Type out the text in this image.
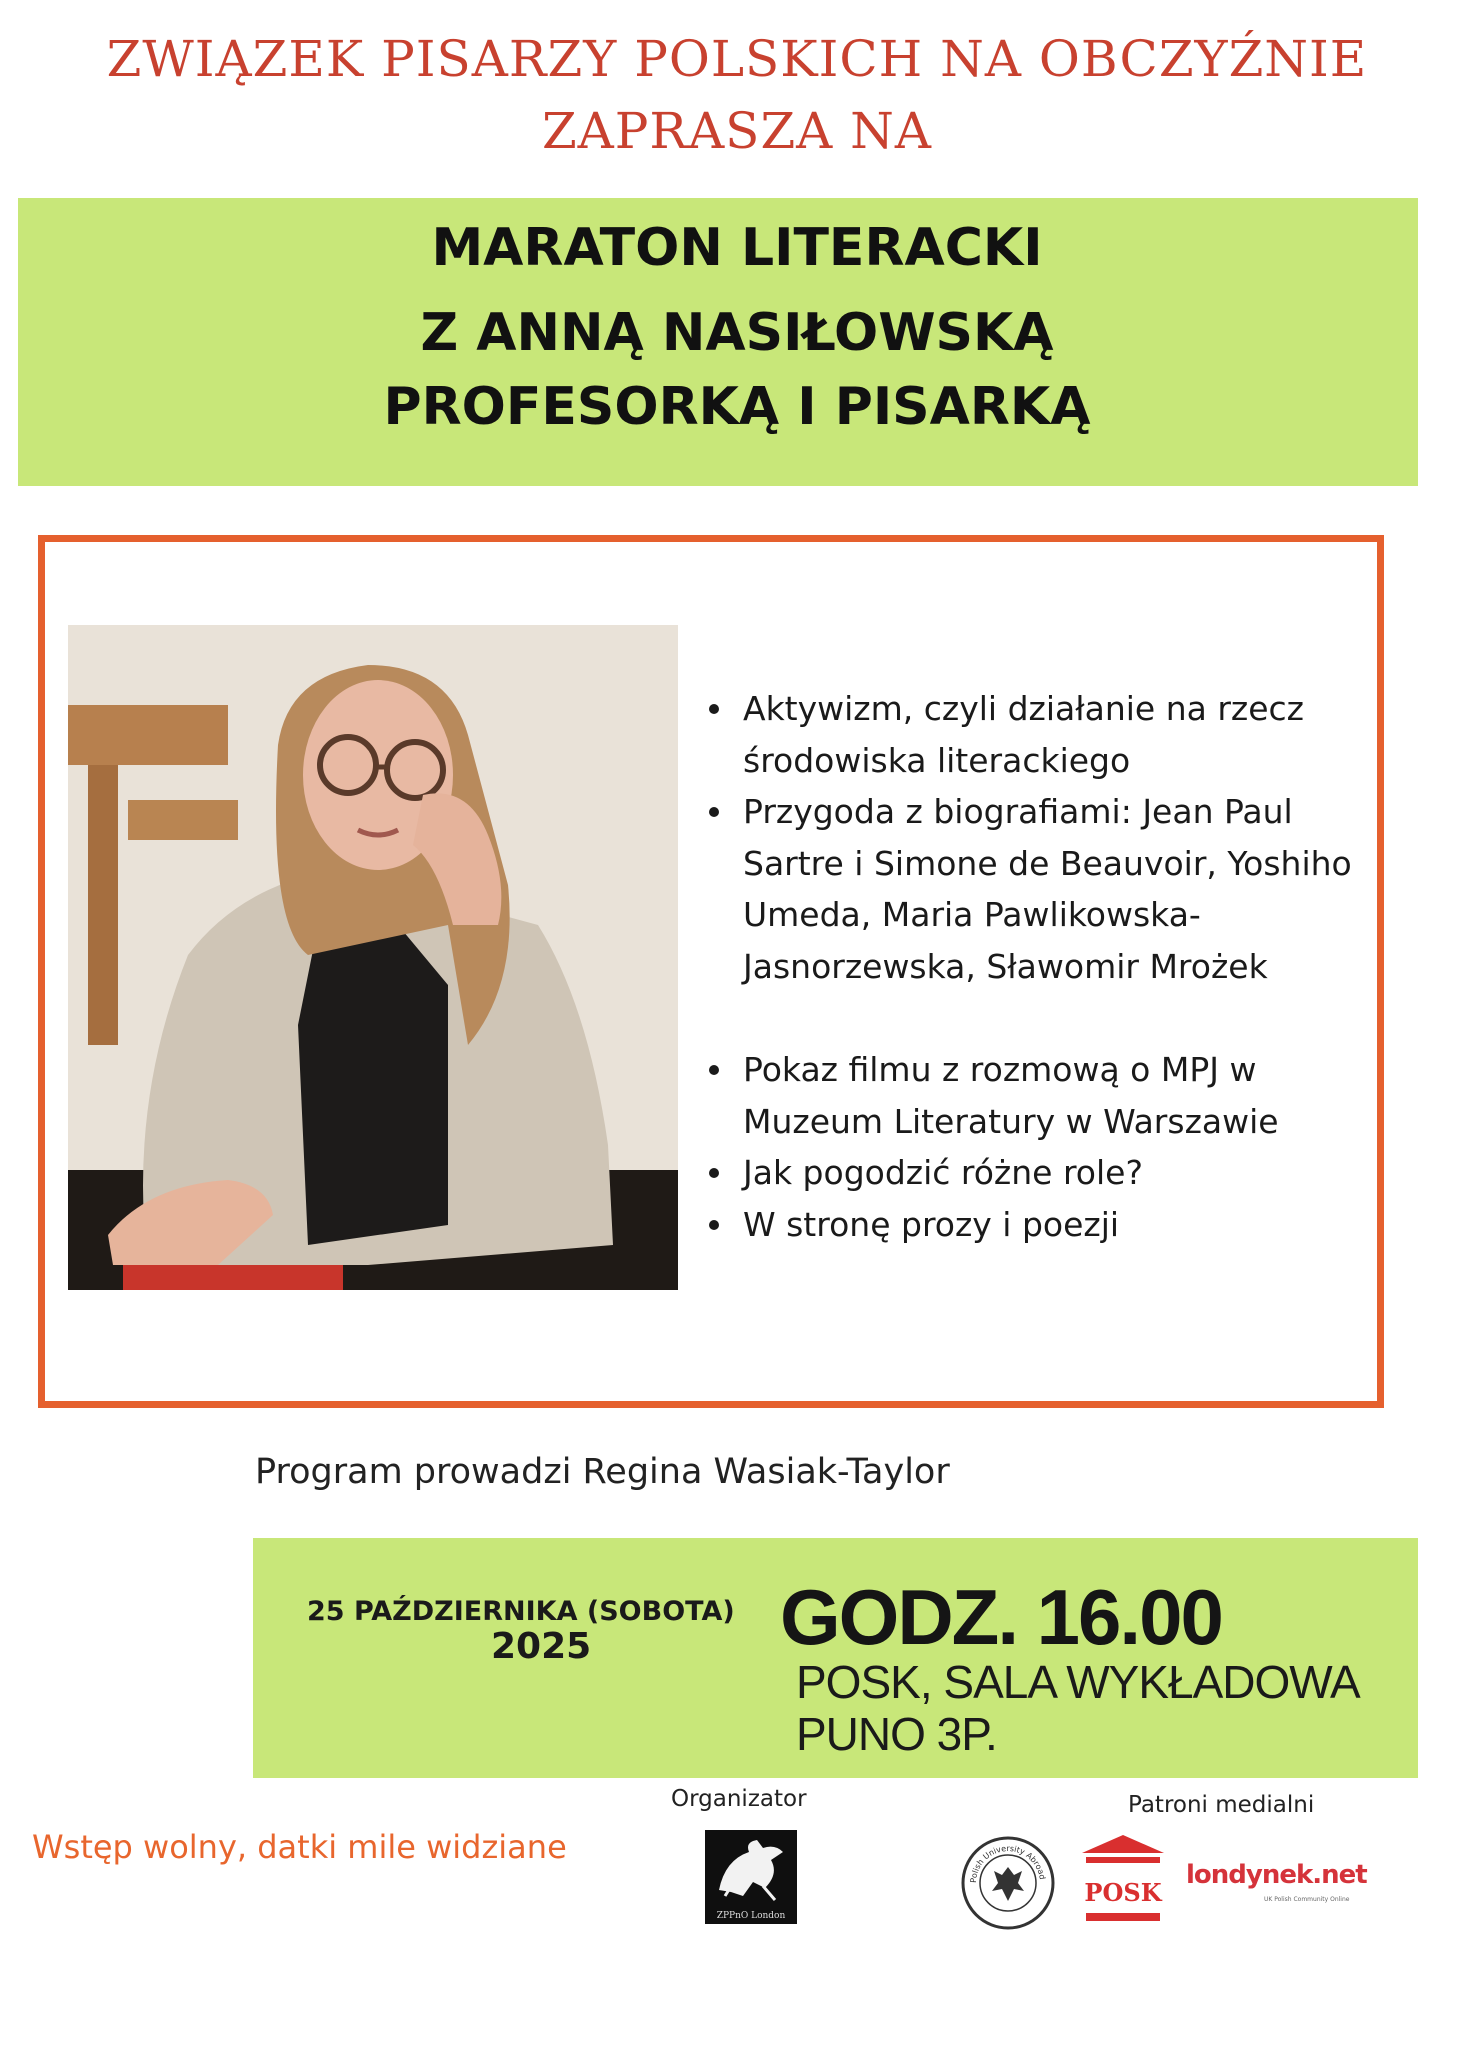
ZWIĄZEK PISARZY POLSKICH NA OBCZYŹNIE
ZAPRASZA NA
MARATON LITERACKI
Z ANNĄ NASIŁOWSKĄ
PROFESORKĄ I PISARKĄ
Aktywizm, czyli działanie na rzecz środowiska literackiego
Przygoda z biografiami: Jean Paul Sartre i Simone de Beauvoir, Yoshiho Umeda, Maria Pawlikowska-Jasnorzewska, Sławomir Mrożek
Pokaz filmu z rozmową o MPJ w Muzeum Literatury w Warszawie
Jak pogodzić różne role?
W stronę prozy i poezji
Program prowadzi Regina Wasiak-Taylor
25 PAŹDZIERNIKA (SOBOTA)
2025 GODZ. 16.00
POSK, SALA WYKŁADOWA
PUNO 3P.
Organizator	Patroni medialni
Wstęp wolny, datki mile widziane
ZPPnO London
Polish University Abroad
POSK
londynek.net
UK Polish Community Online
